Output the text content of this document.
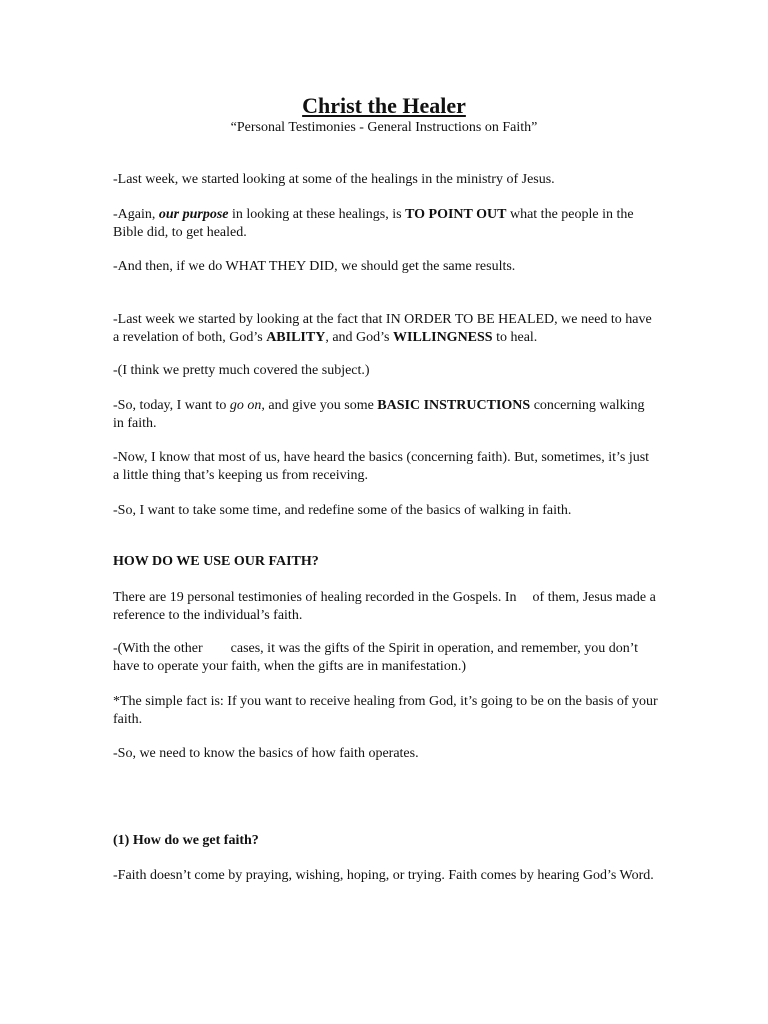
Christ the Healer
“Personal Testimonies - General Instructions on Faith”

-Last week, we started looking at some of the healings in the ministry of Jesus.

-Again, our purpose in looking at these healings, is TO POINT OUT what the people in the Bible did, to get healed.

-And then, if we do WHAT THEY DID, we should get the same results.

-Last week we started by looking at the fact that IN ORDER TO BE HEALED, we need to have a revelation of both, God’s ABILITY, and God’s WILLINGNESS to heal.

-(I think we pretty much covered the subject.)

-So, today, I want to go on, and give you some BASIC INSTRUCTIONS concerning walking in faith.

-Now, I know that most of us, have heard the basics (concerning faith). But, sometimes, it’s just a little thing that’s keeping us from receiving.

-So, I want to take some time, and redefine some of the basics of walking in faith.

HOW DO WE USE OUR FAITH?

There are 19 personal testimonies of healing recorded in the Gospels. In of them, Jesus made a reference to the individual’s faith.

-(With the other cases, it was the gifts of the Spirit in operation, and remember, you don’t have to operate your faith, when the gifts are in manifestation.)

*The simple fact is: If you want to receive healing from God, it’s going to be on the basis of your faith.

-So, we need to know the basics of how faith operates.

(1) How do we get faith?

-Faith doesn’t come by praying, wishing, hoping, or trying. Faith comes by hearing God’s Word.
